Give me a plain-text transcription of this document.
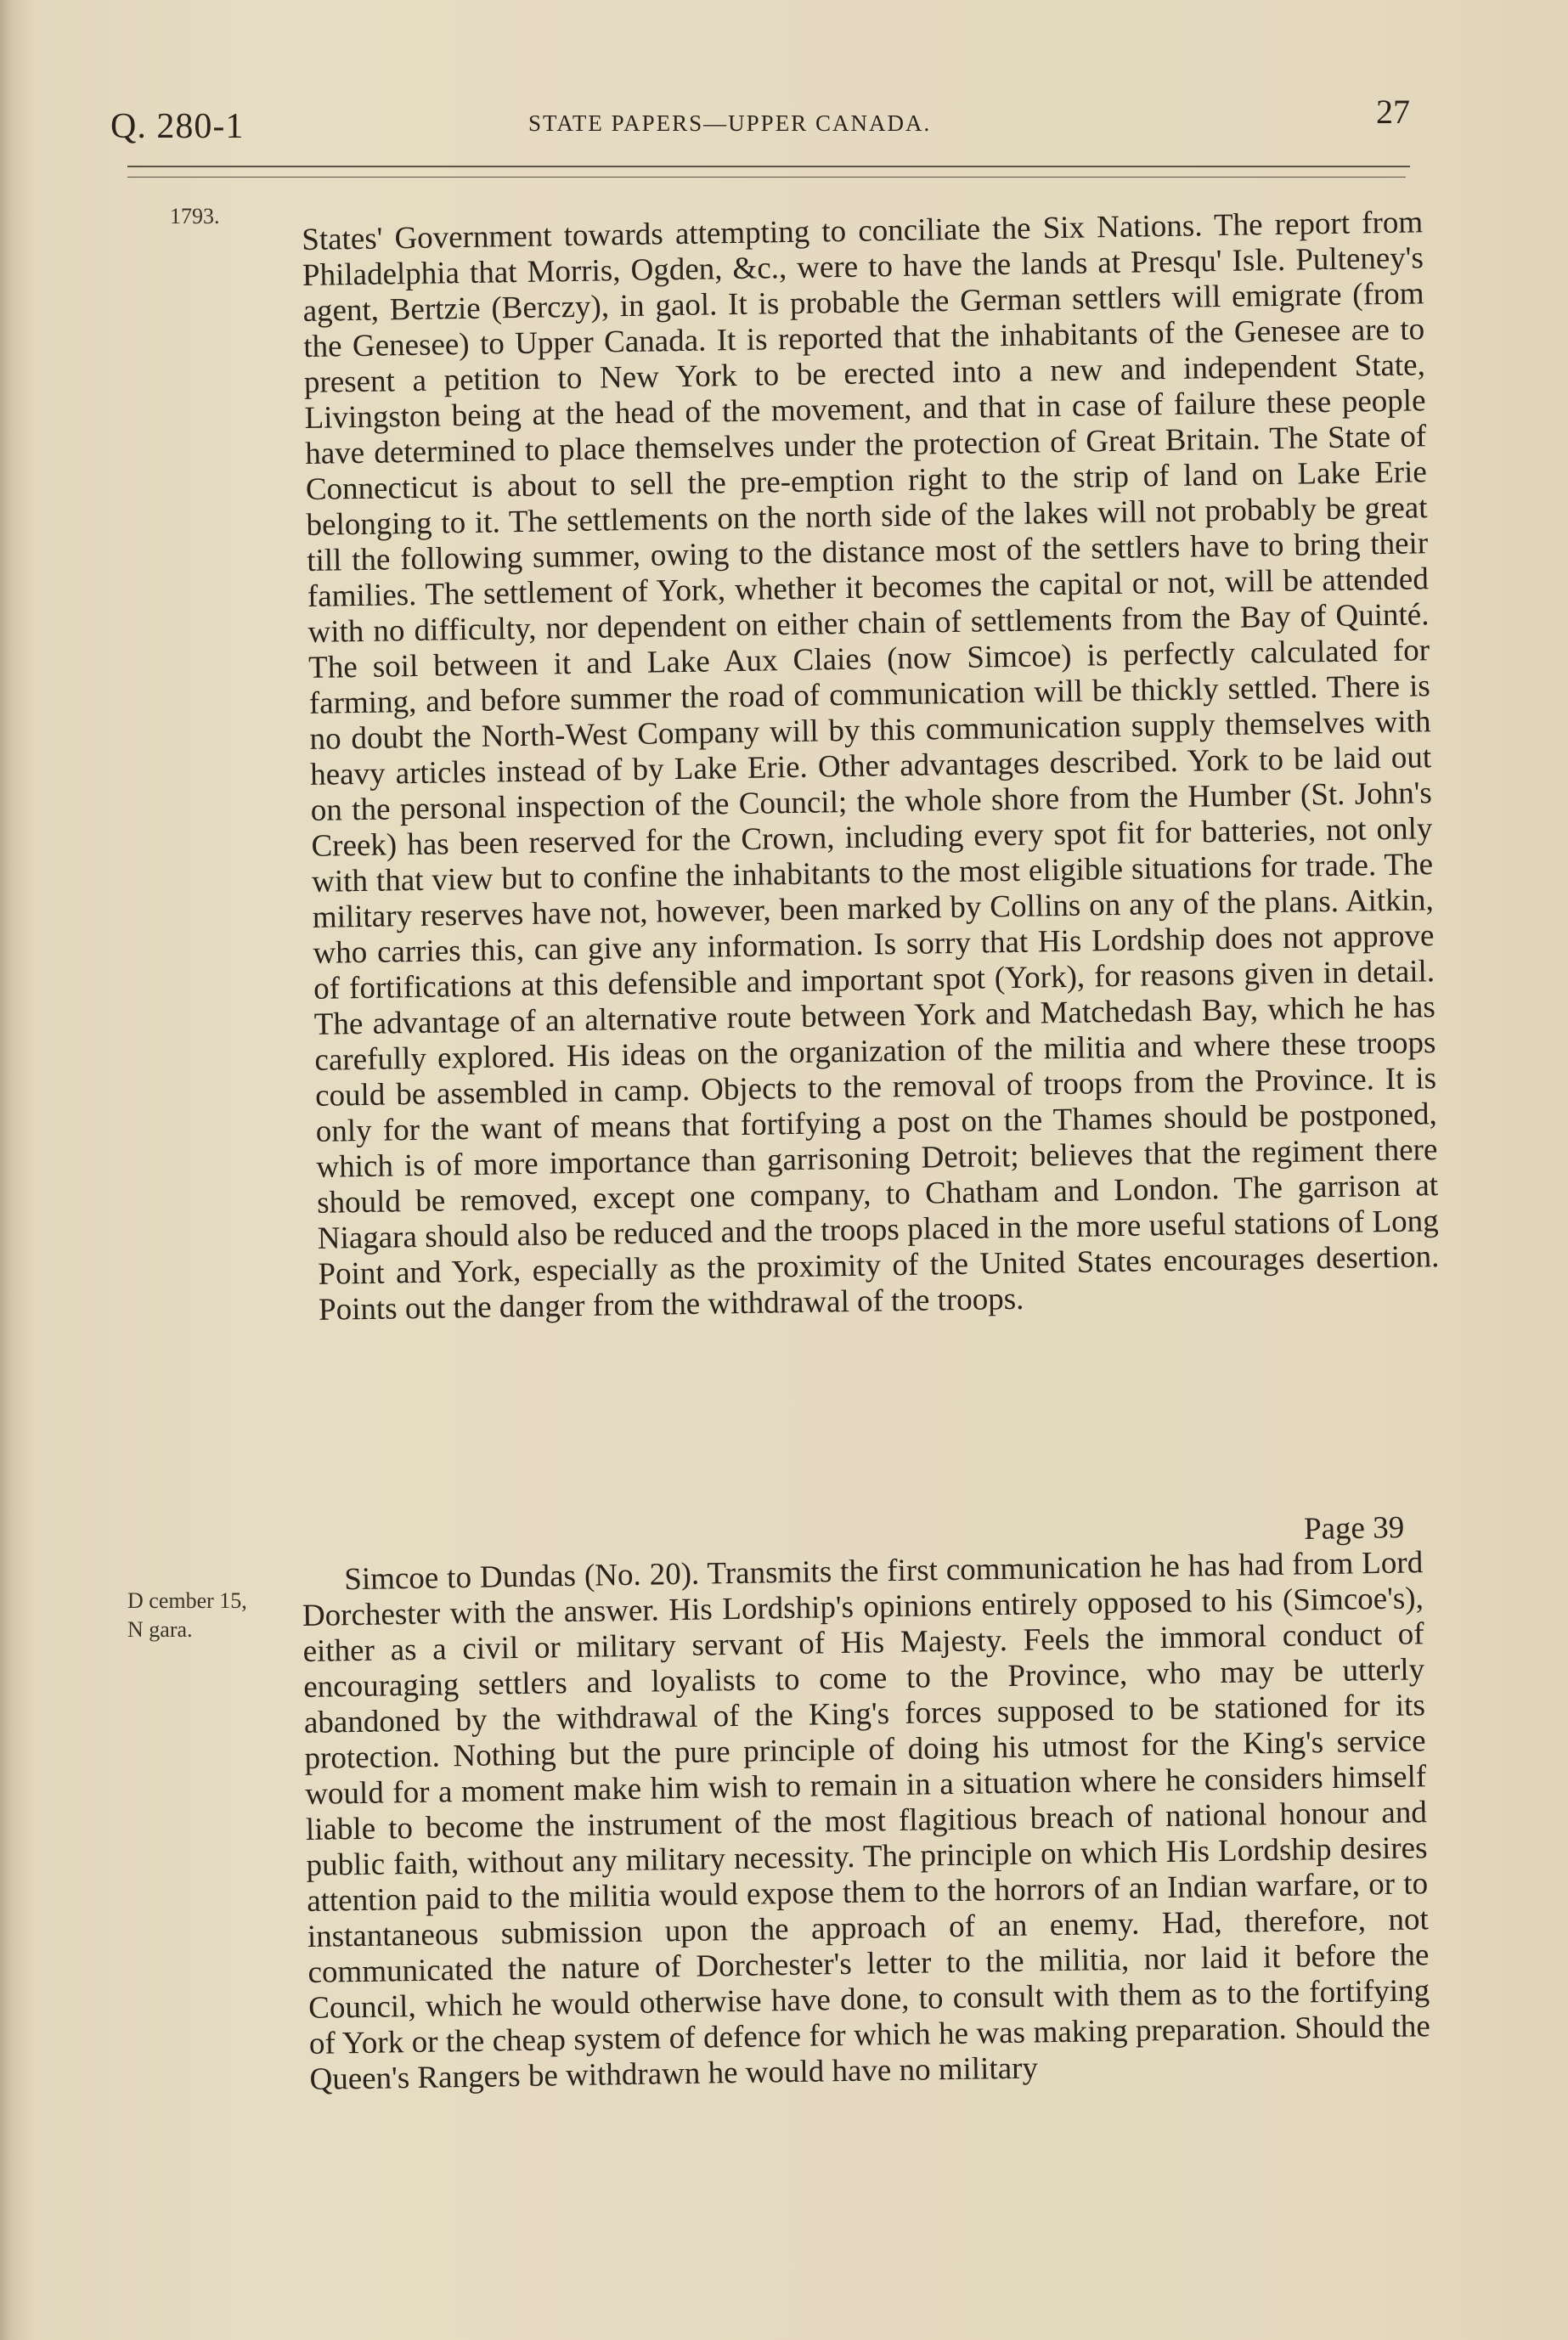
Q. 280-1	STATE PAPERS—UPPER CANADA.	27
1793.	States' Government towards attempting to conciliate the Six Nations. The report from Philadelphia that Morris, Ogden, &c., were to have the lands at Presqu' Isle. Pulteney's agent, Bertzie (Berczy), in gaol. It is probable the German settlers will emigrate (from the Genesee) to Upper Canada. It is reported that the inhabitants of the Genesee are to present a petition to New York to be erected into a new and independent State, Livingston being at the head of the movement, and that in case of failure these people have determined to place themselves under the protection of Great Britain. The State of Connecticut is about to sell the pre-emption right to the strip of land on Lake Erie belonging to it. The settlements on the north side of the lakes will not probably be great till the following summer, owing to the distance most of the settlers have to bring their families. The settlement of York, whether it becomes the capital or not, will be attended with no difficulty, nor dependent on either chain of settlements from the Bay of Quinté. The soil between it and Lake Aux Claies (now Simcoe) is perfectly calculated for farming, and before summer the road of communication will be thickly settled. There is no doubt the North-West Company will by this communication supply themselves with heavy articles instead of by Lake Erie. Other advantages described. York to be laid out on the personal inspection of the Council; the whole shore from the Humber (St. John's Creek) has been reserved for the Crown, including every spot fit for batteries, not only with that view but to confine the inhabitants to the most eligible situations for trade. The military reserves have not, however, been marked by Collins on any of the plans. Aitkin, who carries this, can give any information. Is sorry that His Lordship does not approve of fortifications at this defensible and important spot (York), for reasons given in detail. The advantage of an alternative route between York and Matchedash Bay, which he has carefully explored. His ideas on the organization of the militia and where these troops could be assembled in camp. Objects to the removal of troops from the Province. It is only for the want of means that fortifying a post on the Thames should be postponed, which is of more importance than garrisoning Detroit; believes that the regiment there should be removed, except one company, to Chatham and London. The garrison at Niagara should also be reduced and the troops placed in the more useful stations of Long Point and York, especially as the proximity of the United States encourages desertion. Points out the danger from the withdrawal of the troops.
Page 39
D cember 15,
N gara.
Simcoe to Dundas (No. 20). Transmits the first communication he has had from Lord Dorchester with the answer. His Lordship's opinions entirely opposed to his (Simcoe's), either as a civil or military servant of His Majesty. Feels the immoral conduct of encouraging settlers and loyalists to come to the Province, who may be utterly abandoned by the withdrawal of the King's forces supposed to be stationed for its protection. Nothing but the pure principle of doing his utmost for the King's service would for a moment make him wish to remain in a situation where he considers himself liable to become the instrument of the most flagitious breach of national honour and public faith, without any military necessity. The principle on which His Lordship desires attention paid to the militia would expose them to the horrors of an Indian warfare, or to instantaneous submission upon the approach of an enemy. Had, therefore, not communicated the nature of Dorchester's letter to the militia, nor laid it before the Council, which he would otherwise have done, to consult with them as to the fortifying of York or the cheap system of defence for which he was making preparation. Should the Queen's Rangers be withdrawn he would have no military
